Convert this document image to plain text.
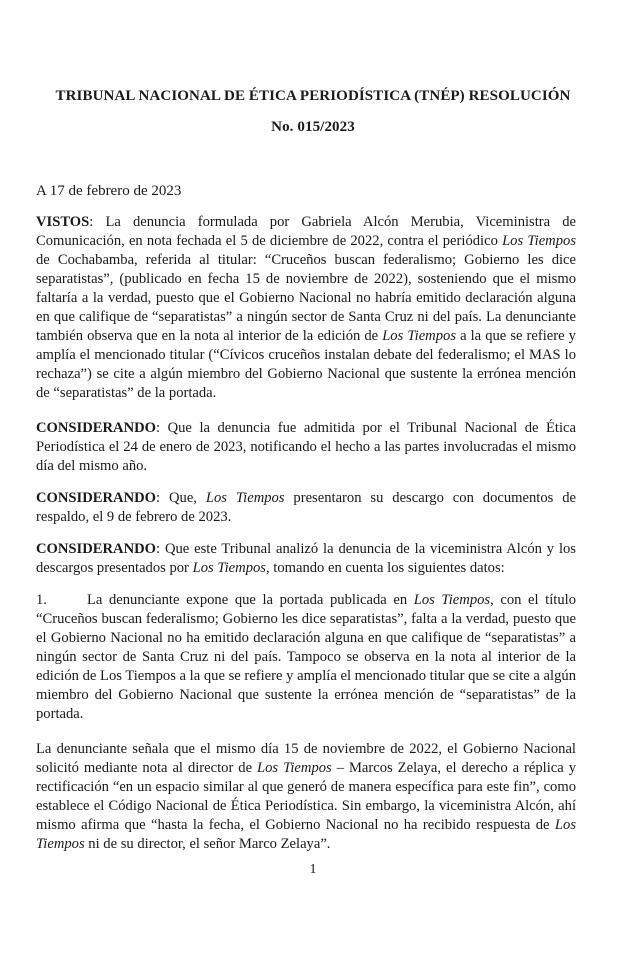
TRIBUNAL NACIONAL DE ÉTICA PERIODÍSTICA (TNÉP) RESOLUCIÓN
No. 015/2023
A 17 de febrero de 2023
VISTOS: La denuncia formulada por Gabriela Alcón Merubia, Viceministra de Comunicación, en nota fechada el 5 de diciembre de 2022, contra el periódico Los Tiempos de Cochabamba, referida al titular: “Cruceños buscan federalismo; Gobierno les dice separatistas”, (publicado en fecha 15 de noviembre de 2022), sosteniendo que el mismo faltaría a la verdad, puesto que el Gobierno Nacional no habría emitido declaración alguna en que califique de “separatistas” a ningún sector de Santa Cruz ni del país. La denunciante también observa que en la nota al interior de la edición de Los Tiempos a la que se refiere y amplía el mencionado titular (“Cívicos cruceños instalan debate del federalismo; el MAS lo rechaza”) se cite a algún miembro del Gobierno Nacional que sustente la errónea mención de “separatistas” de la portada.
CONSIDERANDO: Que la denuncia fue admitida por el Tribunal Nacional de Ética Periodística el 24 de enero de 2023, notificando el hecho a las partes involucradas el mismo día del mismo año.
CONSIDERANDO: Que, Los Tiempos presentaron su descargo con documentos de respaldo, el 9 de febrero de 2023.
CONSIDERANDO: Que este Tribunal analizó la denuncia de la viceministra Alcón y los descargos presentados por Los Tiempos, tomando en cuenta los siguientes datos:
1.	La denunciante expone que la portada publicada en Los Tiempos, con el título “Cruceños buscan federalismo; Gobierno les dice separatistas”, falta a la verdad, puesto que el Gobierno Nacional no ha emitido declaración alguna en que califique de “separatistas” a ningún sector de Santa Cruz ni del país. Tampoco se observa en la nota al interior de la edición de Los Tiempos a la que se refiere y amplía el mencionado titular que se cite a algún miembro del Gobierno Nacional que sustente la errónea mención de “separatistas” de la portada.
La denunciante señala que el mismo día 15 de noviembre de 2022, el Gobierno Nacional solicitó mediante nota al director de Los Tiempos – Marcos Zelaya, el derecho a réplica y rectificación “en un espacio similar al que generó de manera específica para este fin”, como establece el Código Nacional de Ética Periodística. Sin embargo, la viceministra Alcón, ahí mismo afirma que “hasta la fecha, el Gobierno Nacional no ha recibido respuesta de Los Tiempos ni de su director, el señor Marco Zelaya”.
1
